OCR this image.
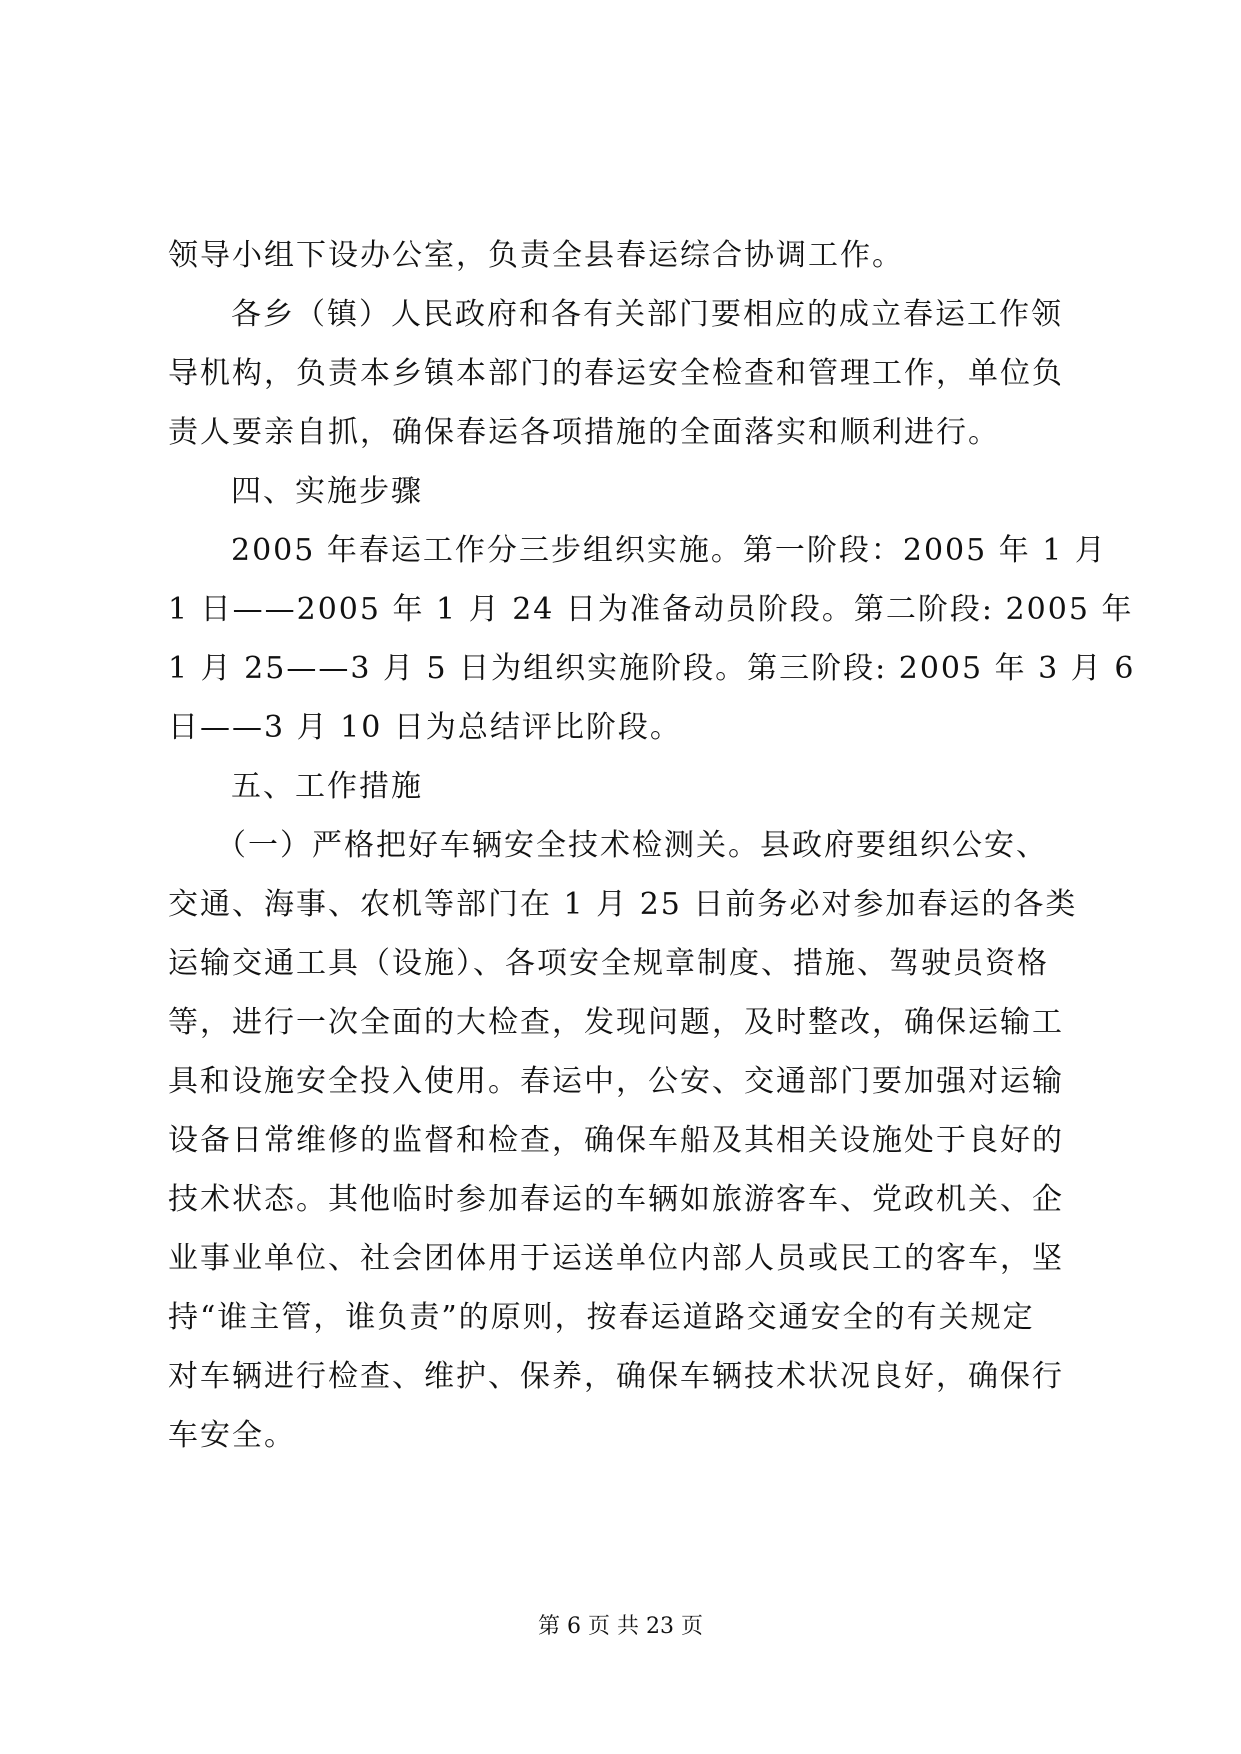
领导小组下设办公室，负责全县春运综合协调工作。
各乡（镇）人民政府和各有关部门要相应的成立春运工作领
导机构，负责本乡镇本部门的春运安全检查和管理工作，单位负
责人要亲自抓，确保春运各项措施的全面落实和顺利进行。
四、实施步骤
2005 年春运工作分三步组织实施。第一阶段：2005 年 1 月
1 日——2005 年 1 月 24 日为准备动员阶段。第二阶段: 2005 年
1 月 25——3 月 5 日为组织实施阶段。第三阶段: 2005 年 3 月 6
日——3 月 10 日为总结评比阶段。
五、工作措施
（一）严格把好车辆安全技术检测关。县政府要组织公安、
交通、海事、农机等部门在 1 月 25 日前务必对参加春运的各类
运输交通工具（设施）、各项安全规章制度、措施、驾驶员资格
等，进行一次全面的大检查，发现问题，及时整改，确保运输工
具和设施安全投入使用。春运中，公安、交通部门要加强对运输
设备日常维修的监督和检查，确保车船及其相关设施处于良好的
技术状态。其他临时参加春运的车辆如旅游客车、党政机关、企
业事业单位、社会团体用于运送单位内部人员或民工的客车，坚
持“谁主管，谁负责”的原则，按春运道路交通安全的有关规定
对车辆进行检查、维护、保养，确保车辆技术状况良好，确保行
车安全。
第 6 页 共 23 页
